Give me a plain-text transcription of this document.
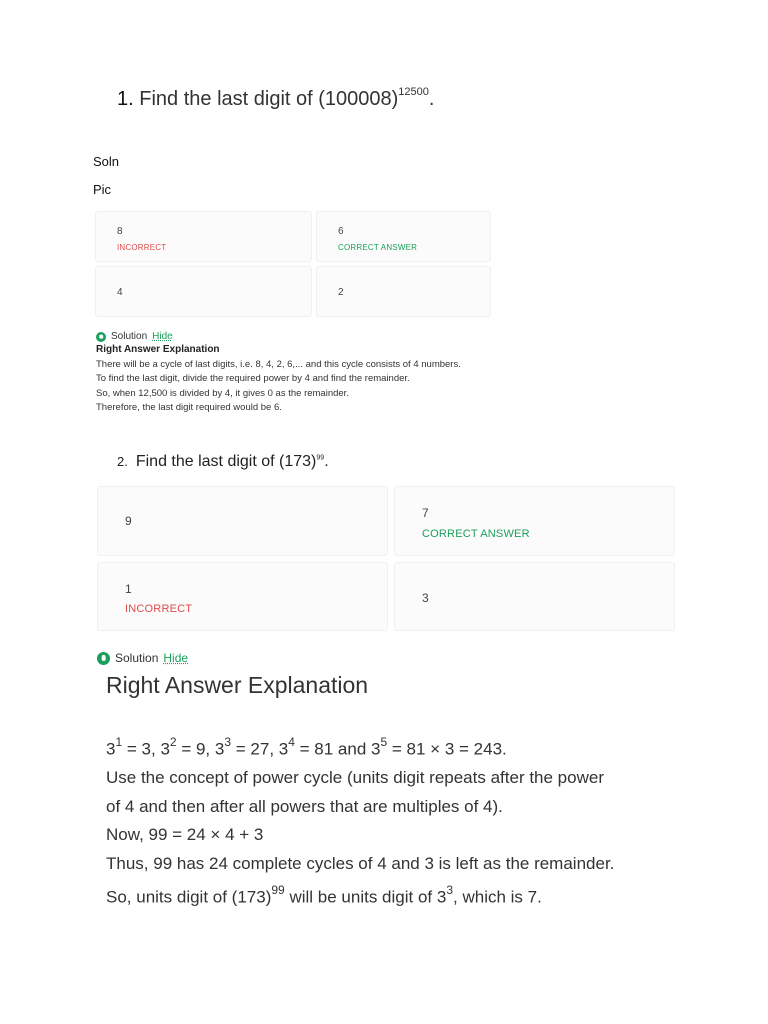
1. Find the last digit of $(100008)^{12500}$.
Soln
Pic
8
INCORRECT
6
CORRECT ANSWER
4	2
Solution Hide
Right Answer Explanation
There will be a cycle of last digits, i.e. 8, 4, 2, 6,... and this cycle consists of 4 numbers.
To find the last digit, divide the required power by 4 and find the remainder.
So, when 12,500 is divided by 4, it gives 0 as the remainder.
Therefore, the last digit required would be 6.
2. Find the last digit of $(173)^{99}$.
9
7
CORRECT ANSWER
1
INCORRECT
3
Solution Hide
Right Answer Explanation
$3^1 = 3$, $3^2 = 9$, $3^3 = 27$, $3^4 = 81$ and $3^5 = 81 \times 3 = 243$.
Use the concept of power cycle (units digit repeats after the power
of 4 and then after all powers that are multiples of 4).
Now, 99 = 24 × 4 + 3
Thus, 99 has 24 complete cycles of 4 and 3 is left as the remainder.
So, units digit of $(173)^{99}$ will be units digit of $3^3$, which is 7.
